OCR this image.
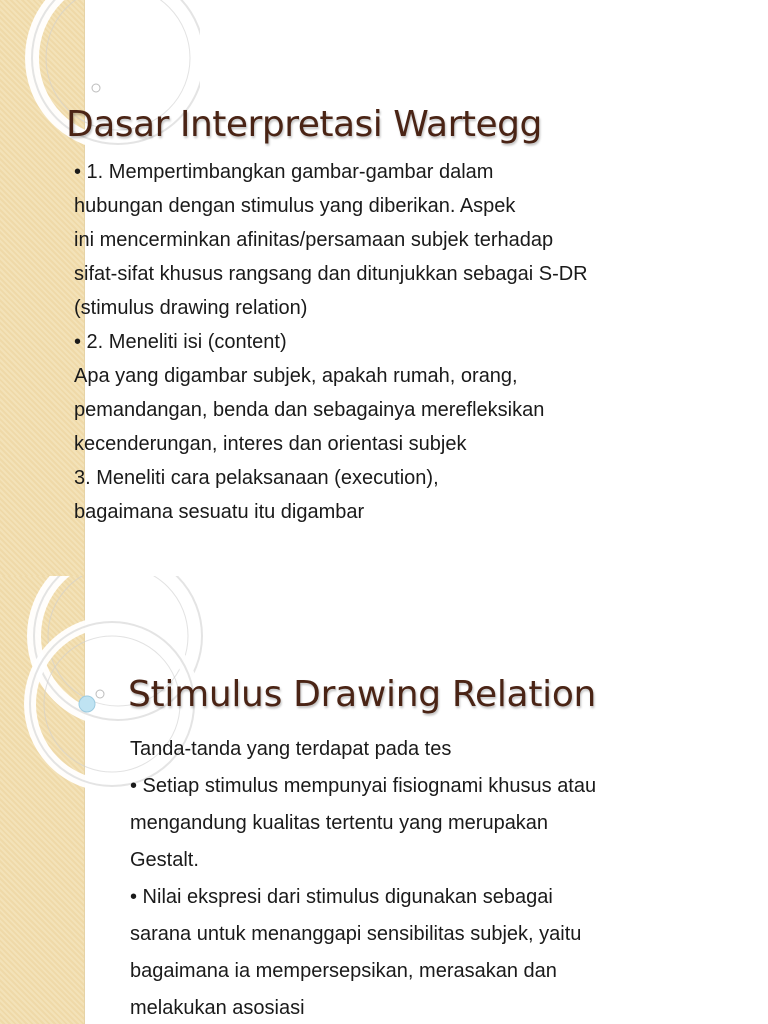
Dasar Interpretasi Wartegg
• 1. Mempertimbangkan gambar-gambar dalam
hubungan dengan stimulus yang diberikan. Aspek
ini mencerminkan afinitas/persamaan subjek terhadap
sifat-sifat khusus rangsang dan ditunjukkan sebagai S-DR
(stimulus drawing relation)
• 2. Meneliti isi (content)
Apa yang digambar subjek, apakah rumah, orang,
pemandangan, benda dan sebagainya merefleksikan
kecenderungan, interes dan orientasi subjek
3. Meneliti cara pelaksanaan (execution),
bagaimana sesuatu itu digambar
Stimulus Drawing Relation
Tanda-tanda yang terdapat pada tes
• Setiap stimulus mempunyai fisiognami khusus atau
mengandung kualitas tertentu yang merupakan
Gestalt.
• Nilai ekspresi dari stimulus digunakan sebagai
sarana untuk menanggapi sensibilitas subjek, yaitu
bagaimana ia mempersepsikan, merasakan dan
melakukan asosiasi
